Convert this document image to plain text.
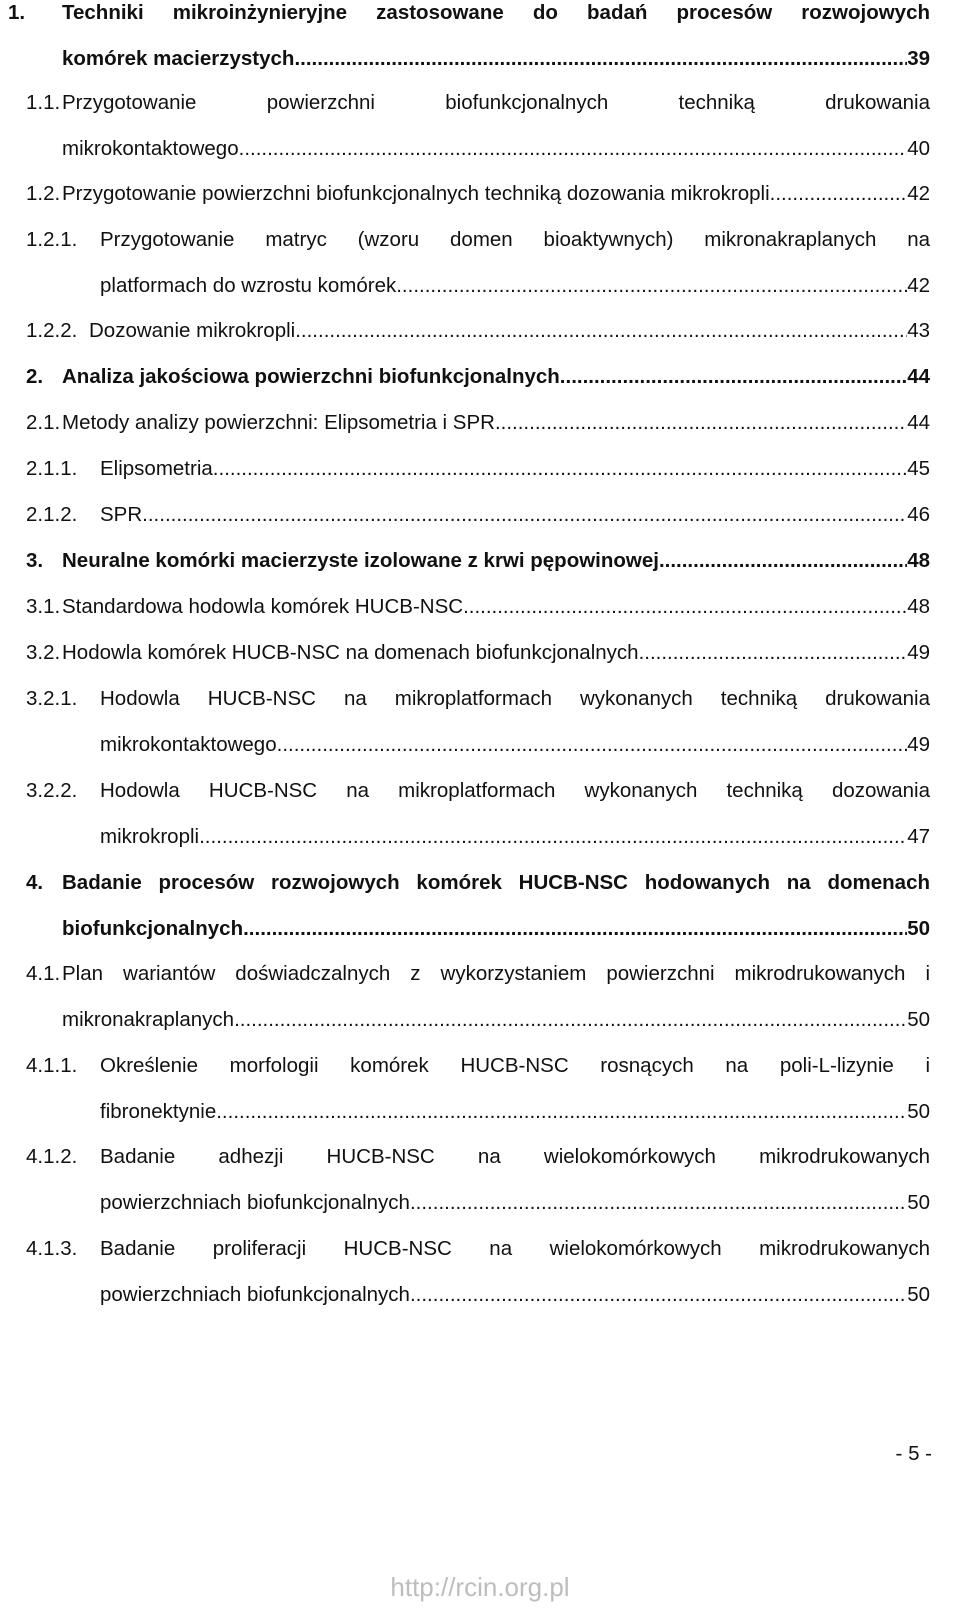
1. Techniki mikroinżynieryjne zastosowane do badań procesów rozwojowych
komórek macierzystych .....	39
1.1. Przygotowanie powierzchni biofunkcjonalnych techniką drukowania
mikrokontaktowego .....	40
1.2. Przygotowanie powierzchni biofunkcjonalnych techniką dozowania mikrokropli .....	42
1.2.1. Przygotowanie matryc (wzoru domen bioaktywnych) mikronakraplanych na
platformach do wzrostu komórek .....	42
1.2.2. Dozowanie mikrokropli .....	43
2. Analiza jakościowa powierzchni biofunkcjonalnych .....	44
2.1. Metody analizy powierzchni: Elipsometria i SPR .....	44
2.1.1. Elipsometria .....	45
2.1.2. SPR .....	46
3. Neuralne komórki macierzyste izolowane z krwi pępowinowej .....	48
3.1. Standardowa hodowla komórek HUCB-NSC .....	48
3.2. Hodowla komórek HUCB-NSC na domenach biofunkcjonalnych .....	49
3.2.1. Hodowla HUCB-NSC na mikroplatformach wykonanych techniką drukowania
mikrokontaktowego .....	49
3.2.2. Hodowla HUCB-NSC na mikroplatformach wykonanych techniką dozowania
mikrokropli .....	47
4. Badanie procesów rozwojowych komórek HUCB-NSC hodowanych na domenach
biofunkcjonalnych .....	50
4.1. Plan wariantów doświadczalnych z wykorzystaniem powierzchni mikrodrukowanych i
mikronakraplanych .....	50
4.1.1. Określenie morfologii komórek HUCB-NSC rosnących na poli-L-lizynie i
fibronektynie .....	50
4.1.2. Badanie adhezji HUCB-NSC na wielokomórkowych mikrodrukowanych
powierzchniach biofunkcjonalnych .....	50
4.1.3. Badanie proliferacji HUCB-NSC na wielokomórkowych mikrodrukowanych
powierzchniach biofunkcjonalnych .....	50
- 5 -
http://rcin.org.pl
